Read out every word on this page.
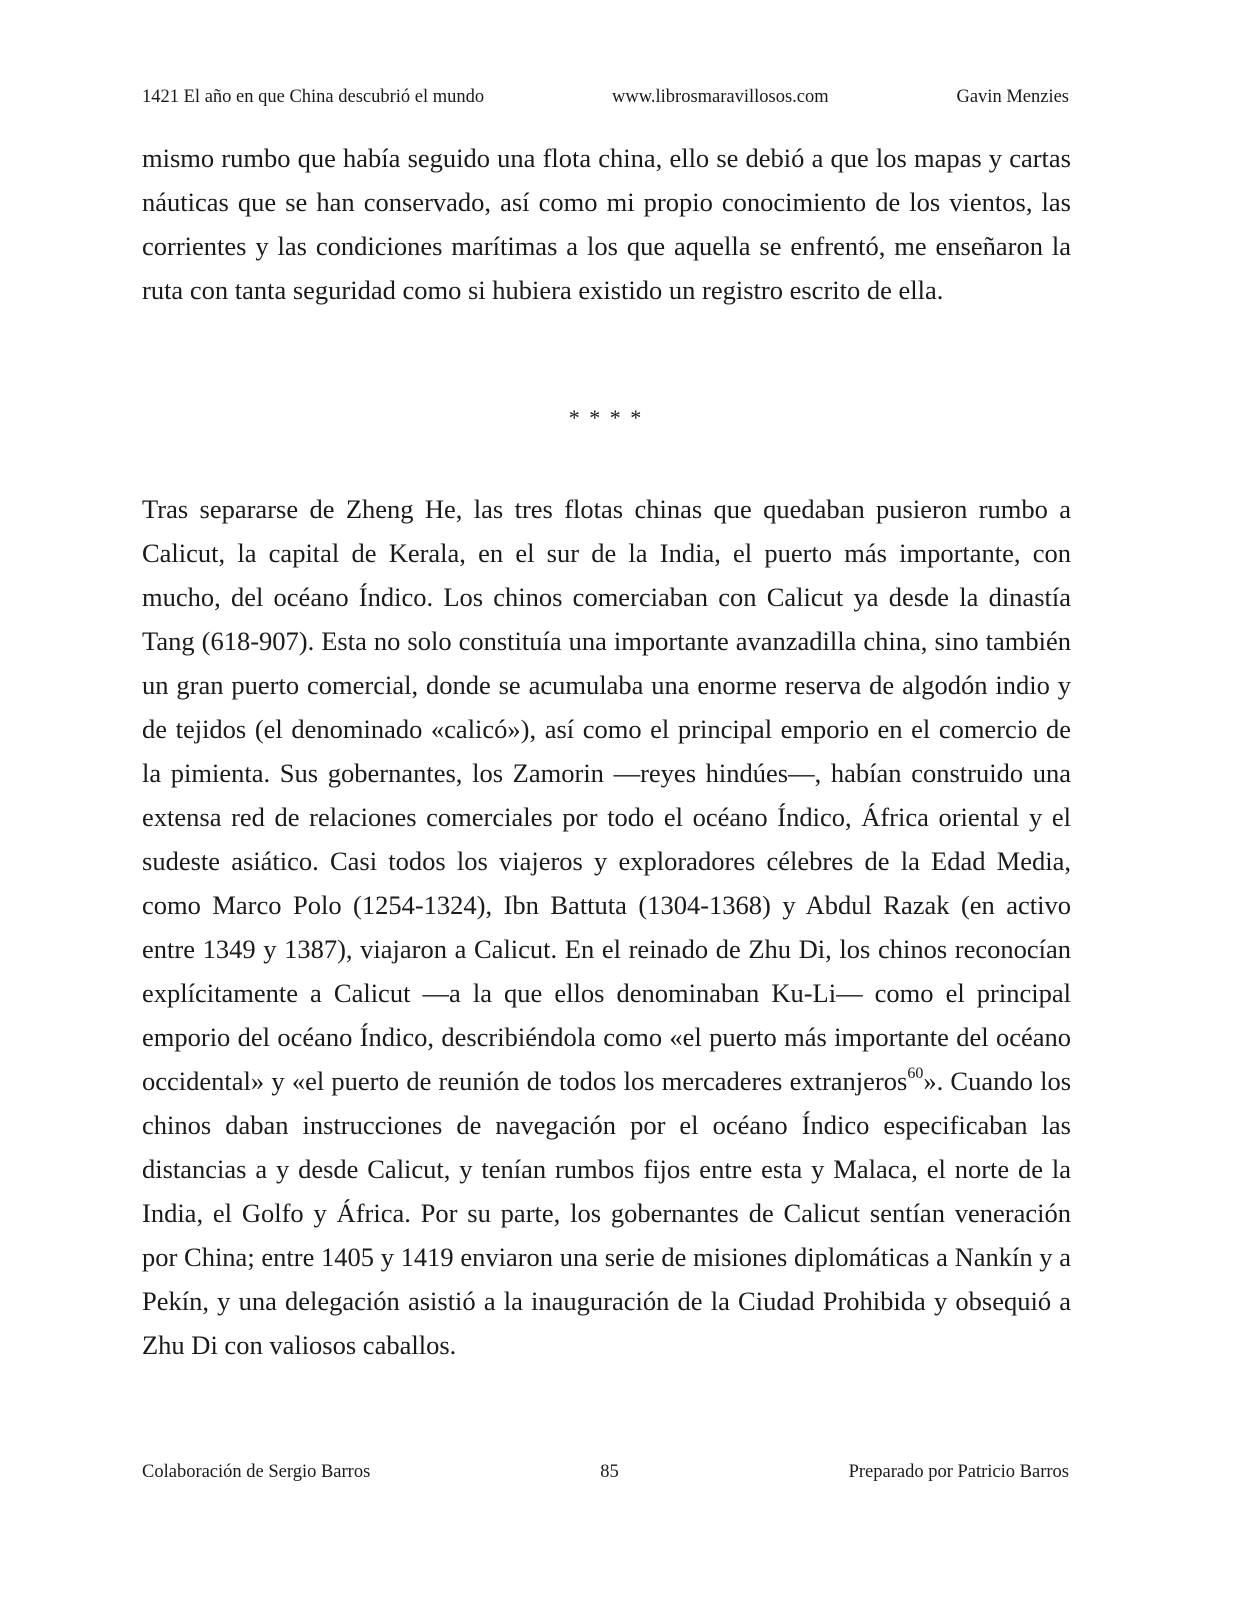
1421 El año en que China descubrió el mundo	www.librosmaravillosos.com	Gavin Menzies

mismo rumbo que había seguido una flota china, ello se debió a que los mapas y cartas náuticas que se han conservado, así como mi propio conocimiento de los vientos, las corrientes y las condiciones marítimas a los que aquella se enfrentó, me enseñaron la ruta con tanta seguridad como si hubiera existido un registro escrito de ella.

* * * *

Tras separarse de Zheng He, las tres flotas chinas que quedaban pusieron rumbo a Calicut, la capital de Kerala, en el sur de la India, el puerto más importante, con mucho, del océano Índico. Los chinos comerciaban con Calicut ya desde la dinastía Tang (618-907). Esta no solo constituía una importante avanzadilla china, sino también un gran puerto comercial, donde se acumulaba una enorme reserva de algodón indio y de tejidos (el denominado «calicó»), así como el principal emporio en el comercio de la pimienta. Sus gobernantes, los Zamorin —reyes hindúes—, habían construido una extensa red de relaciones comerciales por todo el océano Índico, África oriental y el sudeste asiático. Casi todos los viajeros y exploradores célebres de la Edad Media, como Marco Polo (1254-1324), Ibn Battuta (1304-1368) y Abdul Razak (en activo entre 1349 y 1387), viajaron a Calicut. En el reinado de Zhu Di, los chinos reconocían explícitamente a Calicut —a la que ellos denominaban Ku-Li— como el principal emporio del océano Índico, describiéndola como «el puerto más importante del océano occidental» y «el puerto de reunión de todos los mercaderes extranjeros$^{60}$». Cuando los chinos daban instrucciones de navegación por el océano Índico especificaban las distancias a y desde Calicut, y tenían rumbos fijos entre esta y Malaca, el norte de la India, el Golfo y África. Por su parte, los gobernantes de Calicut sentían veneración por China; entre 1405 y 1419 enviaron una serie de misiones diplomáticas a Nankín y a Pekín, y una delegación asistió a la inauguración de la Ciudad Prohibida y obsequió a Zhu Di con valiosos caballos.

Colaboración de Sergio Barros	85	Preparado por Patricio Barros
